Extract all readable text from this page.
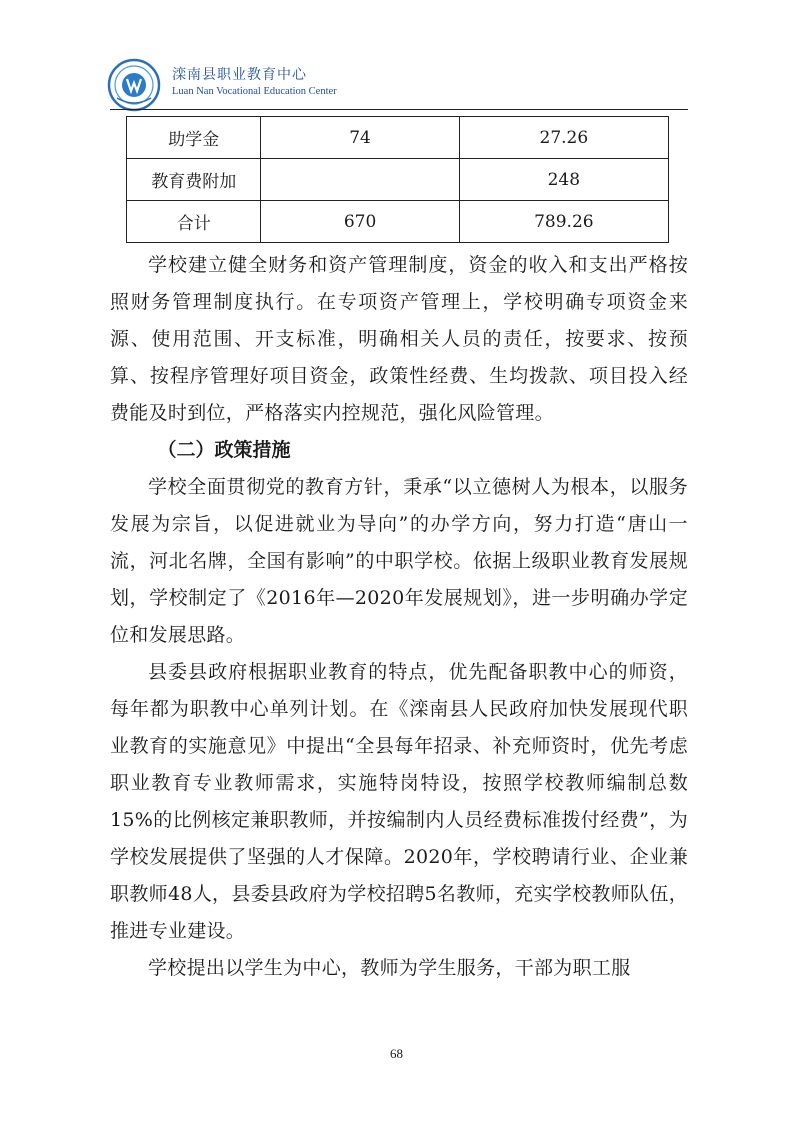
滦南县职业教育中心
Luan Nan Vocational Education Center
助学金	74	27.26
教育费附加		248
合计	670	789.26

学校建立健全财务和资产管理制度，资金的收入和支出严格按照财务管理制度执行。在专项资产管理上，学校明确专项资金来源、使用范围、开支标准，明确相关人员的责任，按要求、按预算、按程序管理好项目资金，政策性经费、生均拨款、项目投入经费能及时到位，严格落实内控规范，强化风险管理。

（二）政策措施

学校全面贯彻党的教育方针，秉承“以立德树人为根本，以服务发展为宗旨，以促进就业为导向”的办学方向，努力打造“唐山一流，河北名牌，全国有影响”的中职学校。依据上级职业教育发展规划，学校制定了《2016年—2020年发展规划》，进一步明确办学定位和发展思路。

县委县政府根据职业教育的特点，优先配备职教中心的师资，每年都为职教中心单列计划。在《滦南县人民政府加快发展现代职业教育的实施意见》中提出“全县每年招录、补充师资时，优先考虑职业教育专业教师需求，实施特岗特设，按照学校教师编制总数15%的比例核定兼职教师，并按编制内人员经费标准拨付经费”，为学校发展提供了坚强的人才保障。2020年，学校聘请行业、企业兼职教师48人，县委县政府为学校招聘5名教师，充实学校教师队伍，推进专业建设。

学校提出以学生为中心，教师为学生服务，干部为职工服

68
